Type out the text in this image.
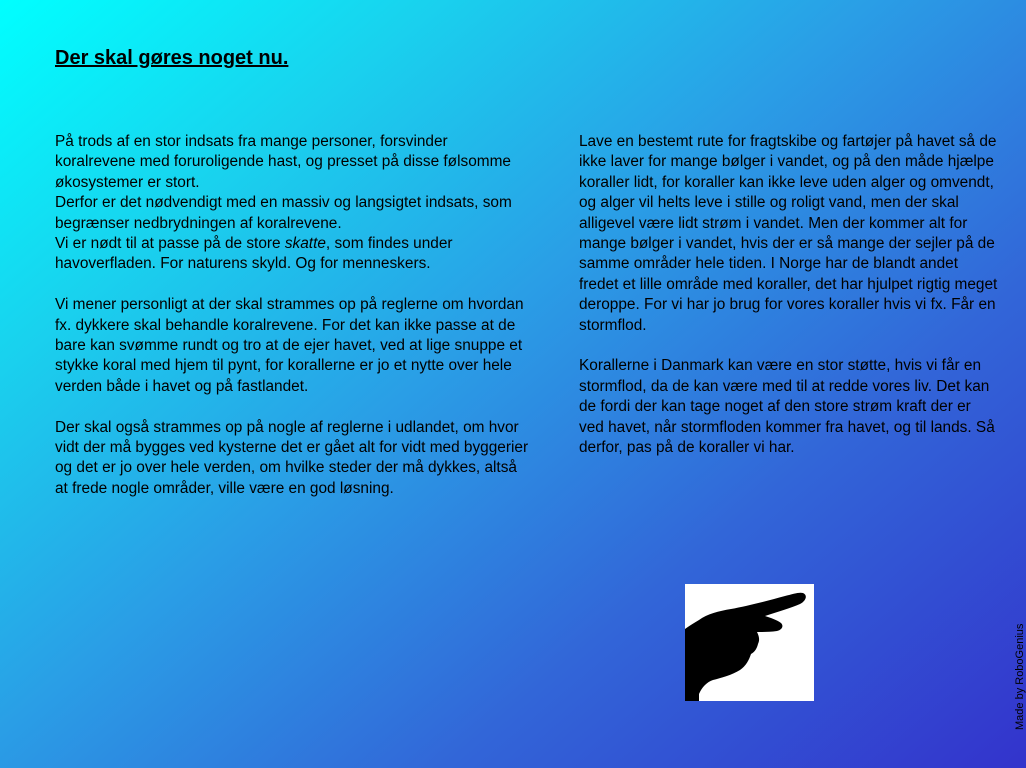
Der skal gøres noget nu.

På trods af en stor indsats fra mange personer, forsvinder koralrevene med foruroligende hast, og presset på disse følsomme økosystemer er stort.
Derfor er det nødvendigt med en massiv og langsigtet indsats, som begrænser nedbrydningen af koralrevene.
Vi er nødt til at passe på de store skatte, som findes under havoverfladen. For naturens skyld. Og for menneskers.

Vi mener personligt at der skal strammes op på reglerne om hvordan fx. dykkere skal behandle koralrevene. For det kan ikke passe at de bare kan svømme rundt og tro at de ejer havet, ved at lige snuppe et stykke koral med hjem til pynt, for korallerne er jo et nytte over hele verden både i havet og på fastlandet.

Der skal også strammes op på nogle af reglerne i udlandet, om hvor vidt der må bygges ved kysterne det er gået alt for vidt med byggerier og det er jo over hele verden, om hvilke steder der må dykkes, altså at frede nogle områder, ville være en god løsning.

Lave en bestemt rute for fragtskibe og fartøjer på havet så de ikke laver for mange bølger i vandet, og på den måde hjælpe koraller lidt, for koraller kan ikke leve uden alger og omvendt, og alger vil helts leve i stille og roligt vand, men der skal alligevel være lidt strøm i vandet. Men der kommer alt for mange bølger i vandet, hvis der er så mange der sejler på de samme områder hele tiden. I Norge har de blandt andet fredet et lille område med koraller, det har hjulpet rigtig meget deroppe. For vi har jo brug for vores koraller hvis vi fx. Får en stormflod.

Korallerne i Danmark kan være en stor støtte, hvis vi får en stormflod, da de kan være med til at redde vores liv. Det kan de fordi der kan tage noget af den store strøm kraft der er ved havet, når stormfloden kommer fra havet, og til lands. Så derfor, pas på de koraller vi har.

Made by RoboGenius
